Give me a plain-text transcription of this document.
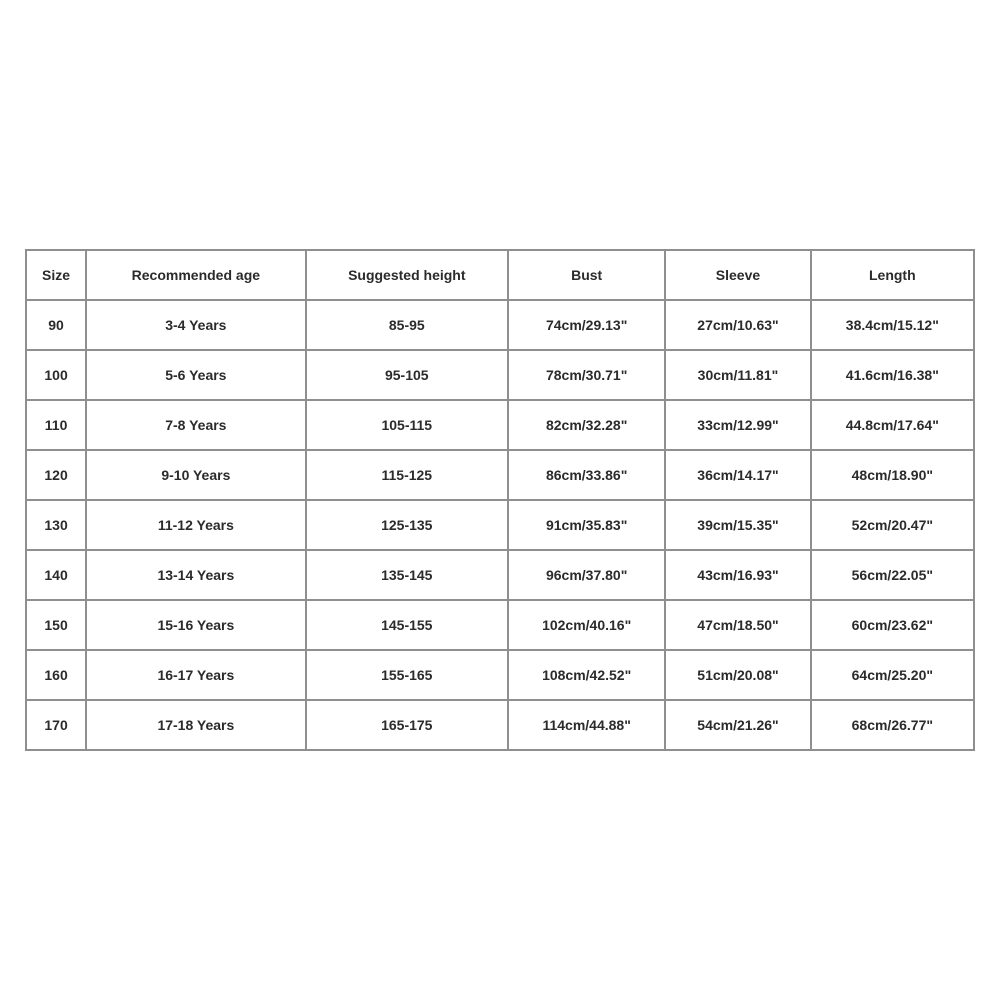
Size	Recommended age	Suggested height	Bust	Sleeve	Length
90	3-4 Years	85-95	74cm/29.13"	27cm/10.63"	38.4cm/15.12"
100	5-6 Years	95-105	78cm/30.71"	30cm/11.81"	41.6cm/16.38"
110	7-8 Years	105-115	82cm/32.28"	33cm/12.99"	44.8cm/17.64"
120	9-10 Years	115-125	86cm/33.86"	36cm/14.17"	48cm/18.90"
130	11-12 Years	125-135	91cm/35.83"	39cm/15.35"	52cm/20.47"
140	13-14 Years	135-145	96cm/37.80"	43cm/16.93"	56cm/22.05"
150	15-16 Years	145-155	102cm/40.16"	47cm/18.50"	60cm/23.62"
160	16-17 Years	155-165	108cm/42.52"	51cm/20.08"	64cm/25.20"
170	17-18 Years	165-175	114cm/44.88"	54cm/21.26"	68cm/26.77"
